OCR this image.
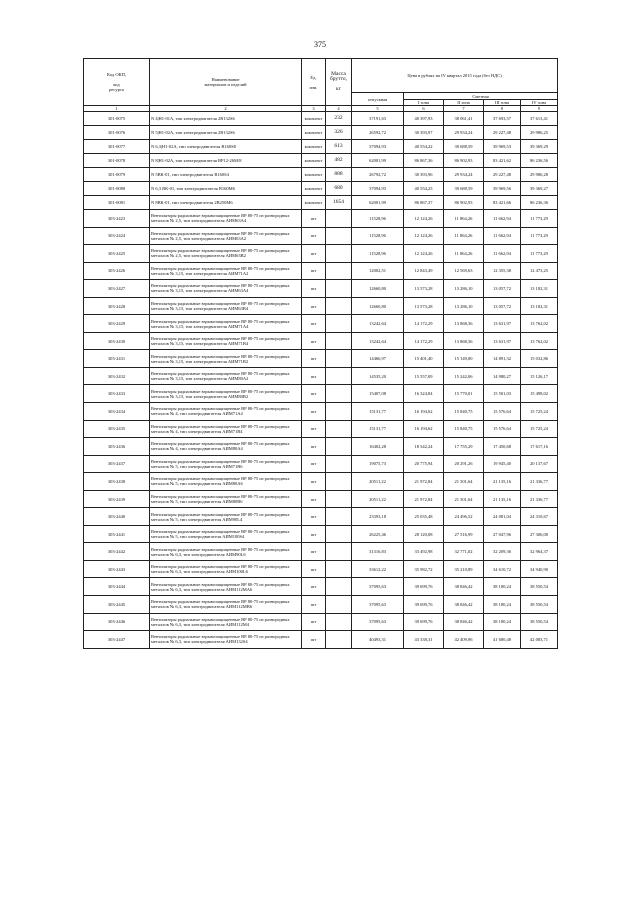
375
Код ОКП,

код
ресурса	Наименование
материалов и изделий	Ед.

изм.	Масса
брутто,

кг	Цена в рублях на IV квартал 2015 года (без НДС)				
				отпускная	Сметная			
					I зона	II зона	III зона	IV зона
1	2	3	4	5	6	7	8	9
301-0075	N 4|Н1-01А, тип электродвигателя 2В132S6	комплект	232	37191,63	40 397,93	38 061,41	37 693,57	37 613,41
301-0076	N 5|Н1-02А, тип электродвигателя 2В132S6	комплект	326	26592,72	30 393,97	29 934,24	29 227,48	29 986,25
301-0077	N 6,3|Н1-02А, тип электродвигателя В160S8	комплект	613	37094,93	40 554,22	39 688,59	39 969,53	39 369,29
301-0078	N 8|Н1-02А, тип электродвигателя ВР12-26М/8	комплект	482	62001,99	86 867,36	86 902,93	83 421,62	86 236,56
301-0079	N 5ВК-01, тип электродвигателя В160S4	комплект	888	26792,72	30 393,96	29 934,24	29 227,48	29 986,28
301-0080	N 6,3 ВК-01, тип электродвигателя В160М6	комплект	680	37094,93	40 554,25	39 688,59	39 969,56	39 369,27
301-0081	N 8ВК-01, тип электродвигателя 2В250М6	комплект	1654	62001,99	86 867,37	86 902,93	83 421,66	86 236,36
303-2423	Вентиляторы радиальные взрывозащищенные ВР 80-75 из разнородных металлов № 2,5, тип электродвигателя АИМ63А4	шт		11528,96	12 124,26	11 864,26	11 662,94	11 773,29
303-2424	Вентиляторы радиальные взрывозащищенные ВР 80-75 из разнородных металлов № 2,5, тип электродвигателя АИМ63А2	шт		11528,96	12 124,26	11 864,26	11 662,94	11 773,29
303-2425	Вентиляторы радиальные взрывозащищенные ВР 80-75 из разнородных металлов № 2,5, тип электродвигателя АИМ63В2	шт		11528,96	12 124,26	11 864,26	11 662,94	11 773,29
303-2426	Вентиляторы радиальные взрывозащищенные ВР 80-75 из разнородных металлов № 3,15, тип электродвигателя АИМ71А2	шт		12002,51	12 843,49	12 569,63	12 355,38	12 473,25
303-2427	Вентиляторы радиальные взрывозащищенные ВР 80-75 из разнородных металлов № 3,15, тип электродвигателя АИМ63А4	шт		12660,80	13 573,28	13 286,10	13 057,72	13 182,31
303-2428	Вентиляторы радиальные взрывозащищенные ВР 80-75 из разнородных металлов № 3,15, тип электродвигателя АИМ63В4	шт		12660,80	13 573,28	13 286,10	13 057,72	13 182,31
303-2429	Вентиляторы радиальные взрывозащищенные ВР 80-75 из разнородных металлов № 3,15, тип электродвигателя АИМ71А4	шт		13242,64	14 172,29	13 868,36	13 631,97	13 762,02
303-2430	Вентиляторы радиальные взрывозащищенные ВР 80-75 из разнородных металлов № 3,15, тип электродвигателя АИМ71В4	шт		13242,64	14 172,29	13 868,36	13 631,97	13 762,02
303-2431	Вентиляторы радиальные взрывозащищенные ВР 80-75 из разнородных металлов № 3,15, тип электродвигателя АИМ71В2	шт		14466,97	15 401,40	15 149,00	14 891,32	15 032,86
303-2432	Вентиляторы радиальные взрывозащищенные ВР 80-75 из разнородных металлов № 3,15, тип электродвигателя АИМ80А2	шт		14535,20	15 557,09	15 242,06	14 980,27	15 126,17
303-2433	Вентиляторы радиальные взрывозащищенные ВР 80-75 из разнородных металлов № 3,15, тип электродвигателя АИМ80В2	шт		15407,08	16 324,84	15 770,01	15 501,03	15 498,02
303-2434	Вентиляторы радиальные взрывозащищенные ВР 80-75 из разнородных металлов № 4, тип электродвигателя АИМ71А4	шт		15131,77	16 194,62	15 840,75	15 576,64	15 725,24
303-2435	Вентиляторы радиальные взрывозащищенные ВР 80-75 из разнородных металлов № 4, тип электродвигателя АИМ71В4	шт		15131,77	16 194,62	15 840,75	15 576,64	15 725,24
303-2436	Вентиляторы радиальные взрывозащищенные ВР 80-75 из разнородных металлов № 4, тип электродвигателя АИМ80А4	шт		16402,28	18 342,24	17 755,29	17 450,68	17 617,16
303-2437	Вентиляторы радиальные взрывозащищенные ВР 80-75 из разнородных металлов № 5, тип электродвигателя АИМ71В6	шт		19075,73	20 775,94	20 291,26	19 945,40	20 137,67
303-2438	Вентиляторы радиальные взрывозащищенные ВР 80-75 из разнородных металлов № 5, тип электродвигателя АИМ80А6	шт		20511,22	21 972,84	21 501,64	21 135,16	21 336,77
303-2439	Вентиляторы радиальные взрывозащищенные ВР 80-75 из разнородных металлов № 5, тип электродвигателя АИМ80В6	шт		20511,22	21 972,84	21 501,64	21 135,16	21 336,77
303-2440	Вентиляторы радиальные взрывозащищенные ВР 80-75 из разнородных металлов № 5, тип электродвигателя АИМ90L4	шт		23393,18	25 035,48	24 496,52	24 081,04	24 310,67
303-2441	Вентиляторы радиальные взрывозащищенные ВР 80-75 из разнородных металлов № 5, тип электродвигателя АИМ100S4	шт		26225,46	28 120,08	27 516,99	27 047,96	27 306,00
303-2442	Вентиляторы радиальные взрывозащищенные ВР 80-75 из разнородных металлов № 6,3, тип электродвигателя АИМ90L6	шт		31316,83	33 492,98	32 771,02	32 209,36	32 964,37
303-2443	Вентиляторы радиальные взрывозащищенные ВР 80-75 из разнородных металлов № 6,3, тип электродвигателя АИМ100L6	шт		33612,22	35 982,72	35 210,89	34 610,72	34 940,90
303-2444	Вентиляторы радиальные взрывозащищенные ВР 80-75 из разнородных металлов № 6,3, тип электродвигателя АИМ112МА6	шт		37095,63	39 699,76	38 846,42	38 180,24	38 550,54
303-2445	Вентиляторы радиальные взрывозащищенные ВР 80-75 из разнородных металлов № 6,3, тип электродвигателя АИМ112МВ6	шт		37095,63	39 699,76	38 846,42	38 180,24	38 550,54
303-2446	Вентиляторы радиальные взрывозащищенные ВР 80-75 из разнородных металлов № 6,3, тип электродвигателя АИМ112М4	шт		37095,63	39 699,76	38 846,42	38 180,24	38 550,54
303-2447	Вентиляторы радиальные взрывозащищенные ВР 80-75 из разнородных металлов № 6,3, тип электродвигателя АИМ132S4	шт		40493,31	43 338,31	42 409,96	41 680,48	42 083,71
